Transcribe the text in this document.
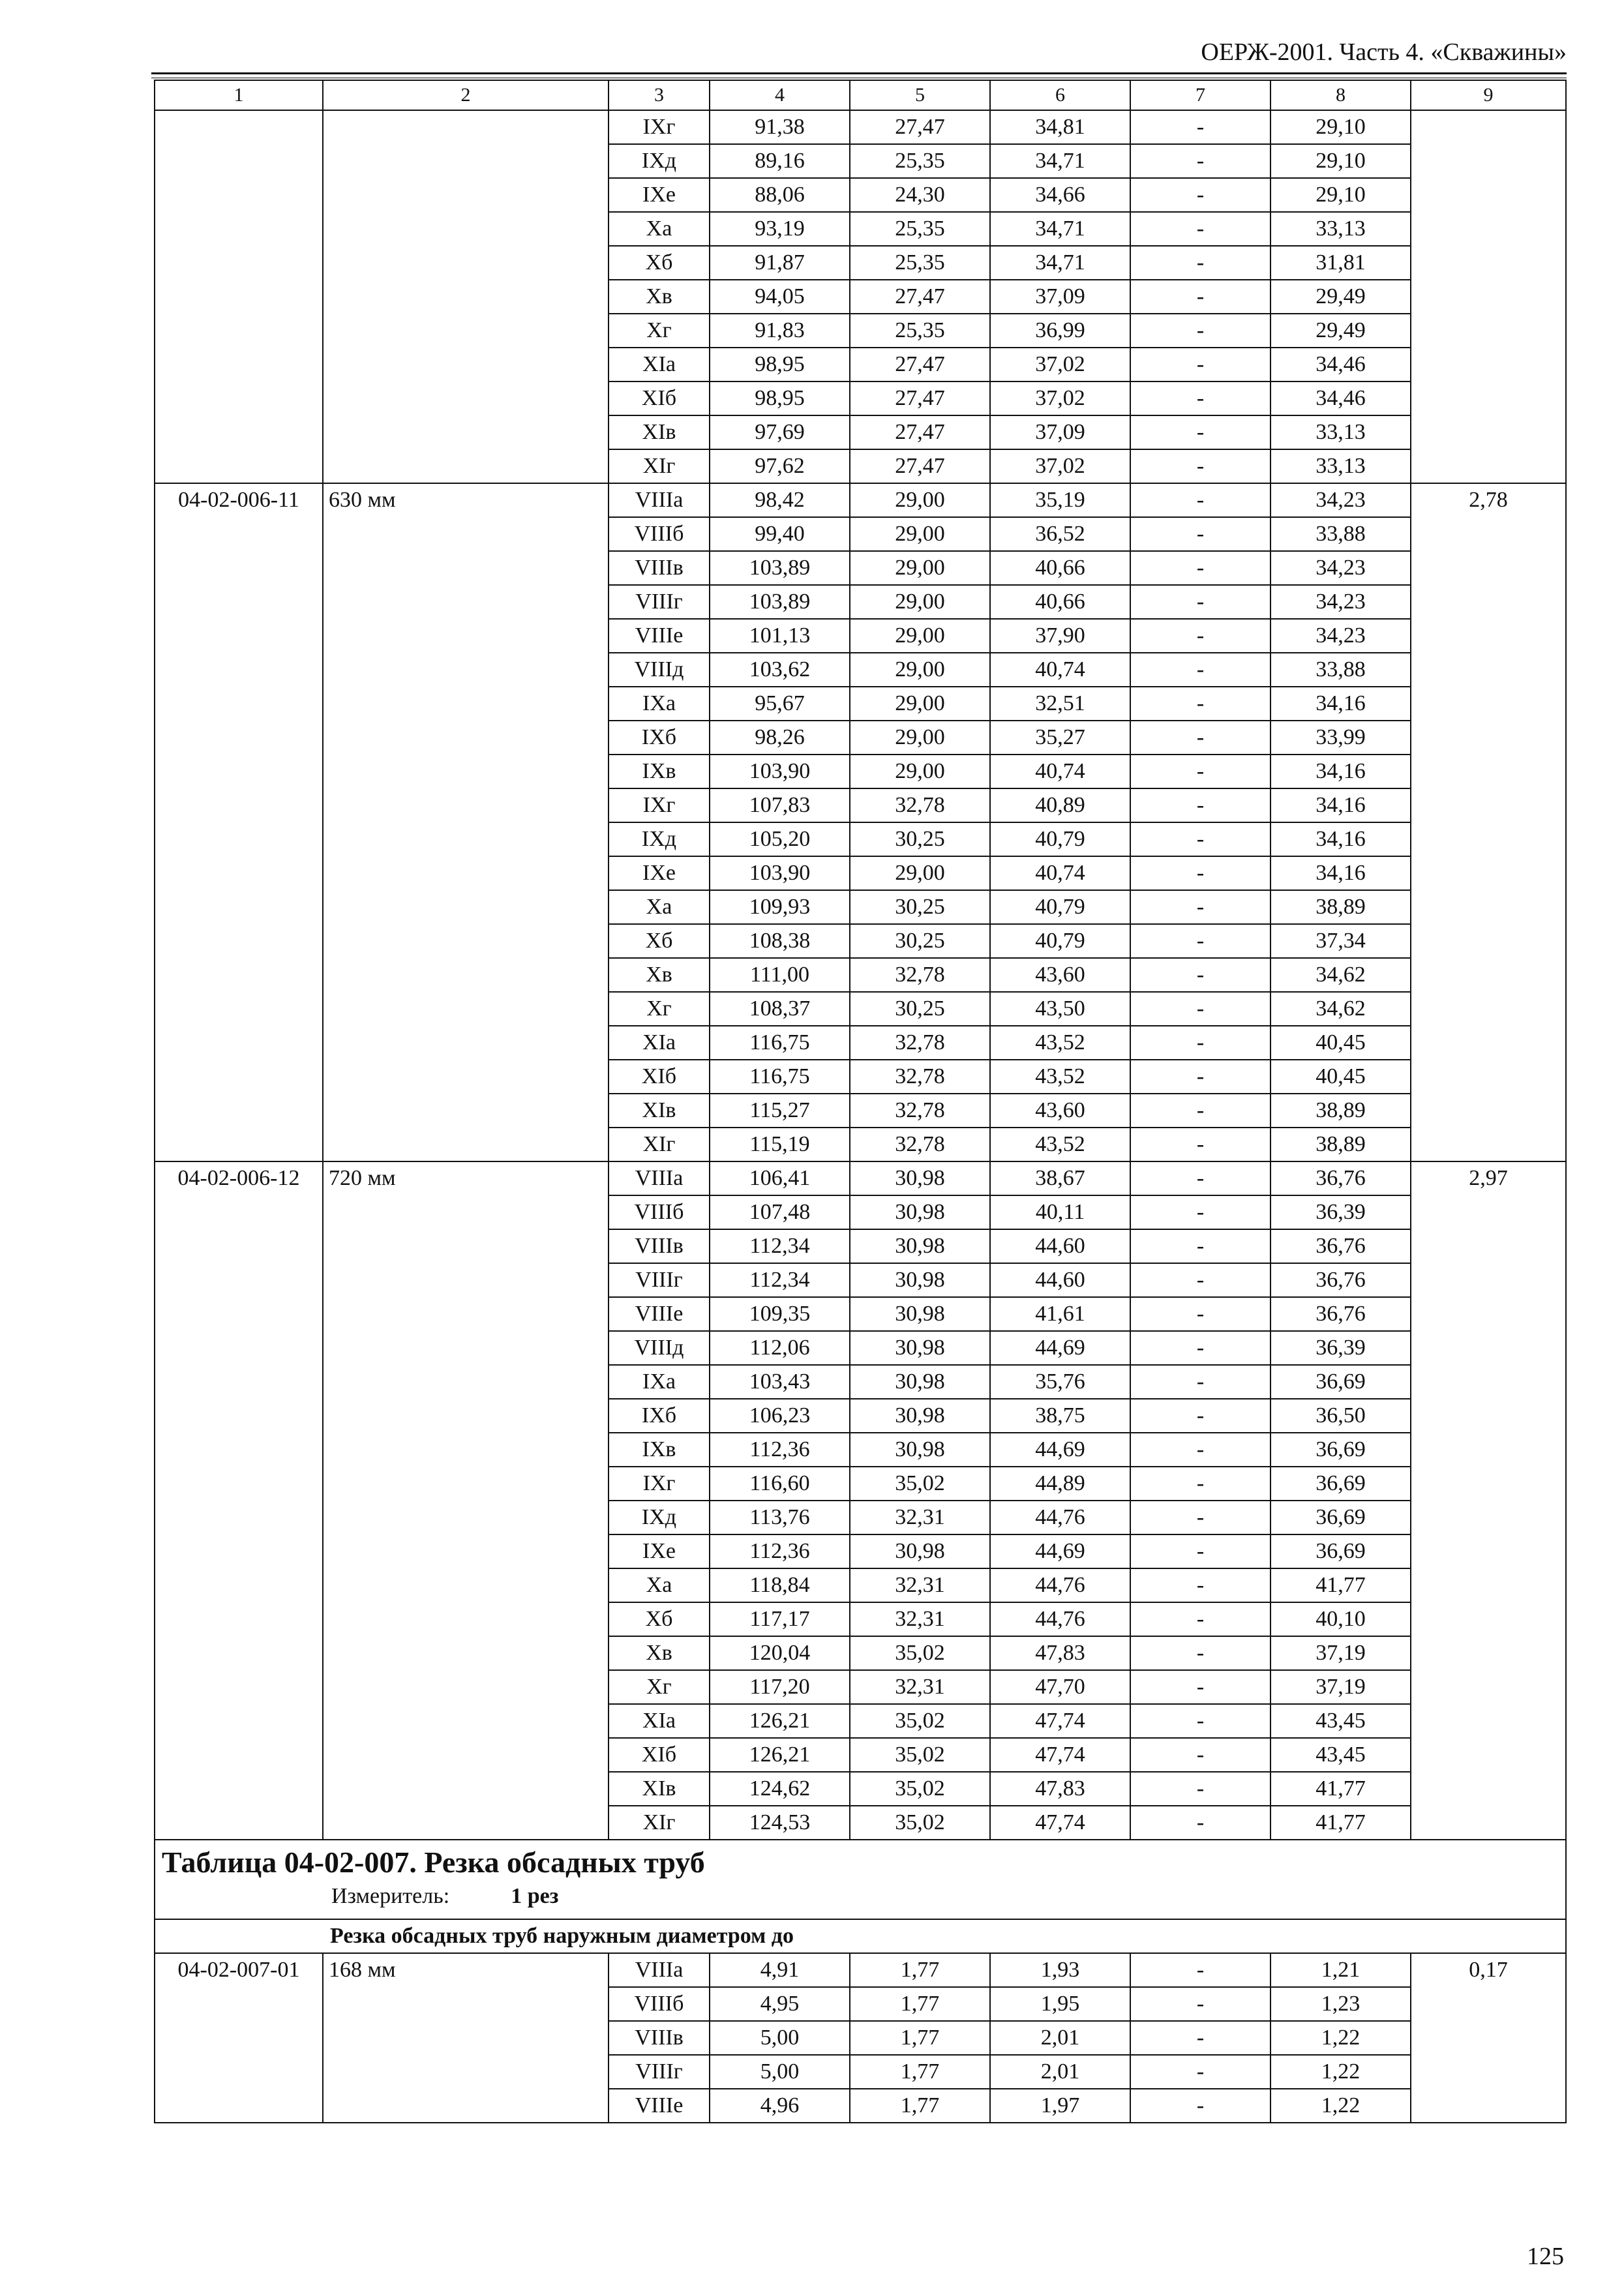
ОЕРЖ-2001. Часть 4. «Скважины»
1	2	3	4	5	6	7	8	9
		IXг	91,38	27,47	34,81	-	29,10	
		IXд	89,16	25,35	34,71	-	29,10	
		IXе	88,06	24,30	34,66	-	29,10	
		Xа	93,19	25,35	34,71	-	33,13	
		Xб	91,87	25,35	34,71	-	31,81	
		Xв	94,05	27,47	37,09	-	29,49	
		Xг	91,83	25,35	36,99	-	29,49	
		XIа	98,95	27,47	37,02	-	34,46	
		XIб	98,95	27,47	37,02	-	34,46	
		XIв	97,69	27,47	37,09	-	33,13	
		XIг	97,62	27,47	37,02	-	33,13	
04-02-006-11	630 мм	VIIIа	98,42	29,00	35,19	-	34,23	2,78
		VIIIб	99,40	29,00	36,52	-	33,88	
		VIIIв	103,89	29,00	40,66	-	34,23	
		VIIIг	103,89	29,00	40,66	-	34,23	
		VIIIе	101,13	29,00	37,90	-	34,23	
		VIIIд	103,62	29,00	40,74	-	33,88	
		IXа	95,67	29,00	32,51	-	34,16	
		IXб	98,26	29,00	35,27	-	33,99	
		IXв	103,90	29,00	40,74	-	34,16	
		IXг	107,83	32,78	40,89	-	34,16	
		IXд	105,20	30,25	40,79	-	34,16	
		IXе	103,90	29,00	40,74	-	34,16	
		Xа	109,93	30,25	40,79	-	38,89	
		Xб	108,38	30,25	40,79	-	37,34	
		Xв	111,00	32,78	43,60	-	34,62	
		Xг	108,37	30,25	43,50	-	34,62	
		XIа	116,75	32,78	43,52	-	40,45	
		XIб	116,75	32,78	43,52	-	40,45	
		XIв	115,27	32,78	43,60	-	38,89	
		XIг	115,19	32,78	43,52	-	38,89	
04-02-006-12	720 мм	VIIIа	106,41	30,98	38,67	-	36,76	2,97
		VIIIб	107,48	30,98	40,11	-	36,39	
		VIIIв	112,34	30,98	44,60	-	36,76	
		VIIIг	112,34	30,98	44,60	-	36,76	
		VIIIе	109,35	30,98	41,61	-	36,76	
		VIIIд	112,06	30,98	44,69	-	36,39	
		IXа	103,43	30,98	35,76	-	36,69	
		IXб	106,23	30,98	38,75	-	36,50	
		IXв	112,36	30,98	44,69	-	36,69	
		IXг	116,60	35,02	44,89	-	36,69	
		IXд	113,76	32,31	44,76	-	36,69	
		IXе	112,36	30,98	44,69	-	36,69	
		Xа	118,84	32,31	44,76	-	41,77	
		Xб	117,17	32,31	44,76	-	40,10	
		Xв	120,04	35,02	47,83	-	37,19	
		Xг	117,20	32,31	47,70	-	37,19	
		XIа	126,21	35,02	47,74	-	43,45	
		XIб	126,21	35,02	47,74	-	43,45	
		XIв	124,62	35,02	47,83	-	41,77	
		XIг	124,53	35,02	47,74	-	41,77	

Таблица 04-02-007. Резка обсадных труб
Измеритель: 1 рез								

Резка обсадных труб наружным диаметром до								
04-02-007-01	168 мм	VIIIа	4,91	1,77	1,93	-	1,21	0,17
		VIIIб	4,95	1,77	1,95	-	1,23	
		VIIIв	5,00	1,77	2,01	-	1,22	
		VIIIг	5,00	1,77	2,01	-	1,22	
		VIIIе	4,96	1,77	1,97	-	1,22	
125
